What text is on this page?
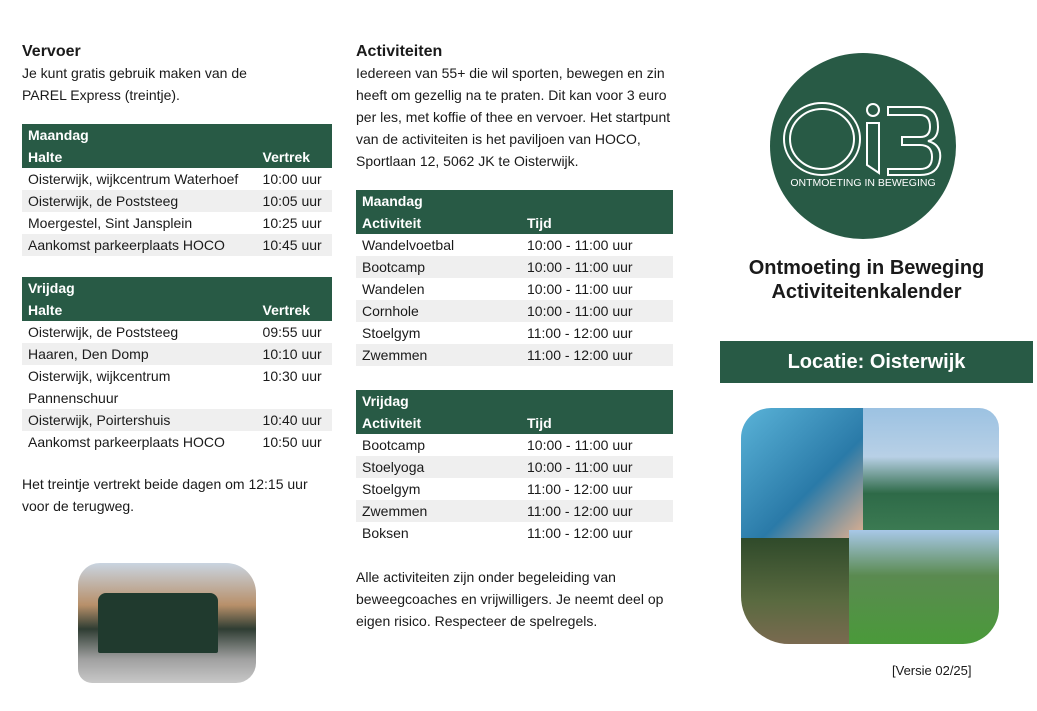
Vervoer

Je kunt gratis gebruik maken van de PAREL Express (treintje).

Maandag	
Halte	Vertrek
Oisterwijk, wijkcentrum Waterhoef	10:00 uur
Oisterwijk, de Poststeeg	10:05 uur
Moergestel, Sint Jansplein	10:25 uur
Aankomst parkeerplaats HOCO	10:45 uur
Vrijdag	
Halte	Vertrek
Oisterwijk, de Poststeeg	09:55 uur
Haaren, Den Domp	10:10 uur
Oisterwijk, wijkcentrum Pannenschuur	10:30 uur
Oisterwijk, Poirtershuis	10:40 uur
Aankomst parkeerplaats HOCO	10:50 uur

Het treintje vertrekt beide dagen om 12:15 uur voor de terugweg.

Activiteiten

Iedereen van 55+ die wil sporten, bewegen en zin heeft om gezellig na te praten. Dit kan voor 3 euro per les, met koffie of thee en vervoer. Het startpunt van de activiteiten is het paviljoen van HOCO, Sportlaan 12, 5062 JK te Oisterwijk.

Maandag	
Activiteit	Tijd
Wandelvoetbal	10:00 - 11:00 uur
Bootcamp	10:00 - 11:00 uur
Wandelen	10:00 - 11:00 uur
Cornhole	10:00 - 11:00 uur
Stoelgym	11:00 - 12:00 uur
Zwemmen	11:00 - 12:00 uur
Vrijdag	
Activiteit	Tijd
Bootcamp	10:00 - 11:00 uur
Stoelyoga	10:00 - 11:00 uur
Stoelgym	11:00 - 12:00 uur
Zwemmen	11:00 - 12:00 uur
Boksen	11:00 - 12:00 uur

Alle activiteiten zijn onder begeleiding van beweegcoaches en vrijwilligers. Je neemt deel op eigen risico. Respecteer de spelregels.

ONTMOETING IN BEWEGING
Ontmoeting in Beweging
Activiteitenkalender
Locatie: Oisterwijk
[Versie 02/25]
